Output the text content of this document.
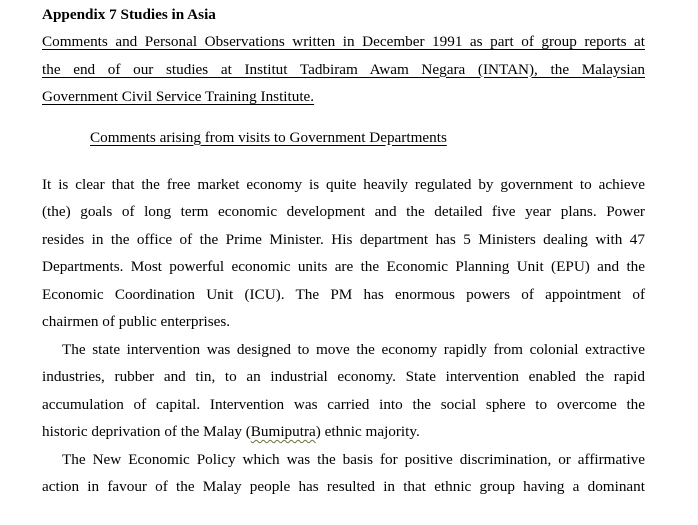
Appendix 7 Studies in Asia
Comments and Personal Observations written in December 1991 as part of group reports at
the end of our studies at Institut Tadbiram Awam Negara (INTAN), the Malaysian
Government Civil Service Training Institute.
Comments arising from visits to Government Departments
It is clear that the free market economy is quite heavily regulated by government to achieve
(the) goals of long term economic development and the detailed five year plans. Power
resides in the office of the Prime Minister. His department has 5 Ministers dealing with 47
Departments. Most powerful economic units are the Economic Planning Unit (EPU) and the
Economic Coordination Unit (ICU). The PM has enormous powers of appointment of
chairmen of public enterprises.
The state intervention was designed to move the economy rapidly from colonial extractive
industries, rubber and tin, to an industrial economy. State intervention enabled the rapid
accumulation of capital. Intervention was carried into the social sphere to overcome the
historic deprivation of the Malay (Bumiputra) ethnic majority.
The New Economic Policy which was the basis for positive discrimination, or affirmative
action in favour of the Malay people has resulted in that ethnic group having a dominant
